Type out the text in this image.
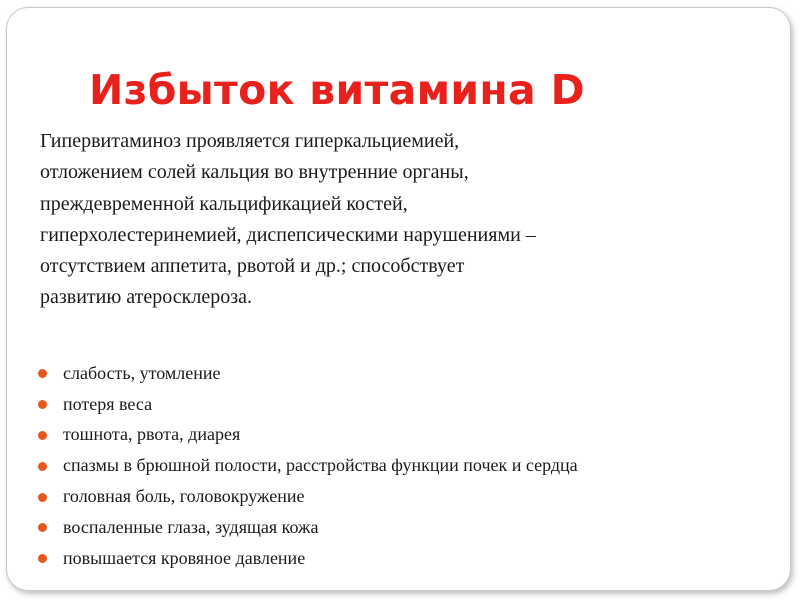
Избыток витамина D
Гипервитаминоз проявляется гиперкальциемией,
отложением солей кальция во внутренние органы,
преждевременной кальцификацией костей,
гиперхолестеринемией, диспепсическими нарушениями –
отсутствием аппетита, рвотой и др.; способствует
развитию атеросклероза.
слабость, утомление
потеря веса
тошнота, рвота, диарея
спазмы в брюшной полости, расстройства функции почек и сердца
головная боль, головокружение
воспаленные глаза, зудящая кожа
повышается кровяное давление
